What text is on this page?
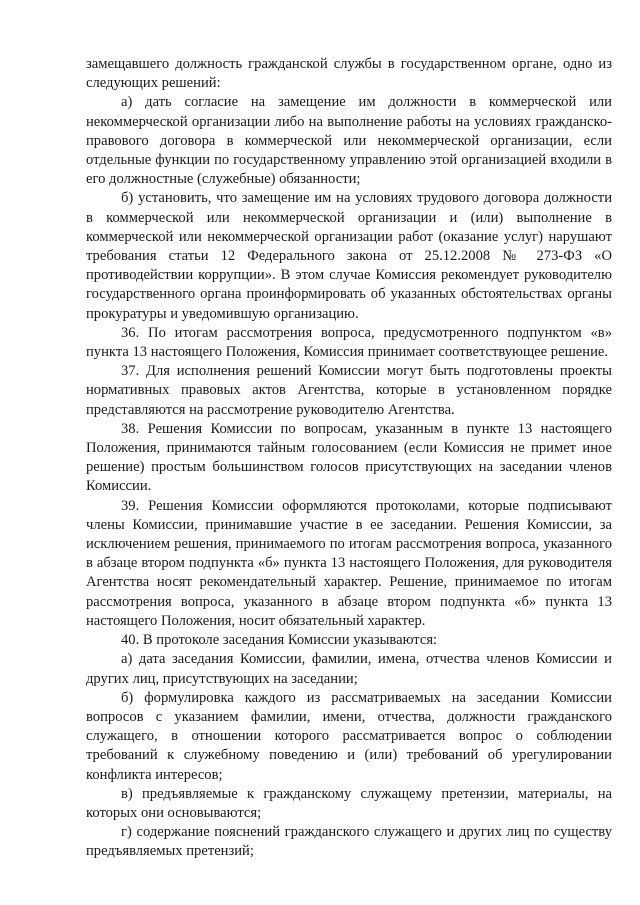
замещавшего должность гражданской службы в государственном органе, одно из следующих решений:

а) дать согласие на замещение им должности в коммерческой или некоммерческой организации либо на выполнение работы на условиях гражданско-правового договора в коммерческой или некоммерческой организации, если отдельные функции по государственному управлению этой организацией входили в его должностные (служебные) обязанности;

б) установить, что замещение им на условиях трудового договора должности в коммерческой или некоммерческой организации и (или) выполнение в коммерческой или некоммерческой организации работ (оказание услуг) нарушают требования статьи 12 Федерального закона от 25.12.2008 № 273-ФЗ «О противодействии коррупции». В этом случае Комиссия рекомендует руководителю государственного органа проинформировать об указанных обстоятельствах органы прокуратуры и уведомившую организацию.

36. По итогам рассмотрения вопроса, предусмотренного подпунктом «в» пункта 13 настоящего Положения, Комиссия принимает соответствующее решение.

37. Для исполнения решений Комиссии могут быть подготовлены проекты нормативных правовых актов Агентства, которые в установленном порядке представляются на рассмотрение руководителю Агентства.

38. Решения Комиссии по вопросам, указанным в пункте 13 настоящего Положения, принимаются тайным голосованием (если Комиссия не примет иное решение) простым большинством голосов присутствующих на заседании членов Комиссии.

39. Решения Комиссии оформляются протоколами, которые подписывают члены Комиссии, принимавшие участие в ее заседании. Решения Комиссии, за исключением решения, принимаемого по итогам рассмотрения вопроса, указанного в абзаце втором подпункта «б» пункта 13 настоящего Положения, для руководителя Агентства носят рекомендательный характер. Решение, принимаемое по итогам рассмотрения вопроса, указанного в абзаце втором подпункта «б» пункта 13 настоящего Положения, носит обязательный характер.

40. В протоколе заседания Комиссии указываются:

а) дата заседания Комиссии, фамилии, имена, отчества членов Комиссии и других лиц, присутствующих на заседании;

б) формулировка каждого из рассматриваемых на заседании Комиссии вопросов с указанием фамилии, имени, отчества, должности гражданского служащего, в отношении которого рассматривается вопрос о соблюдении требований к служебному поведению и (или) требований об урегулировании конфликта интересов;

в) предъявляемые к гражданскому служащему претензии, материалы, на которых они основываются;

г) содержание пояснений гражданского служащего и других лиц по существу предъявляемых претензий;
